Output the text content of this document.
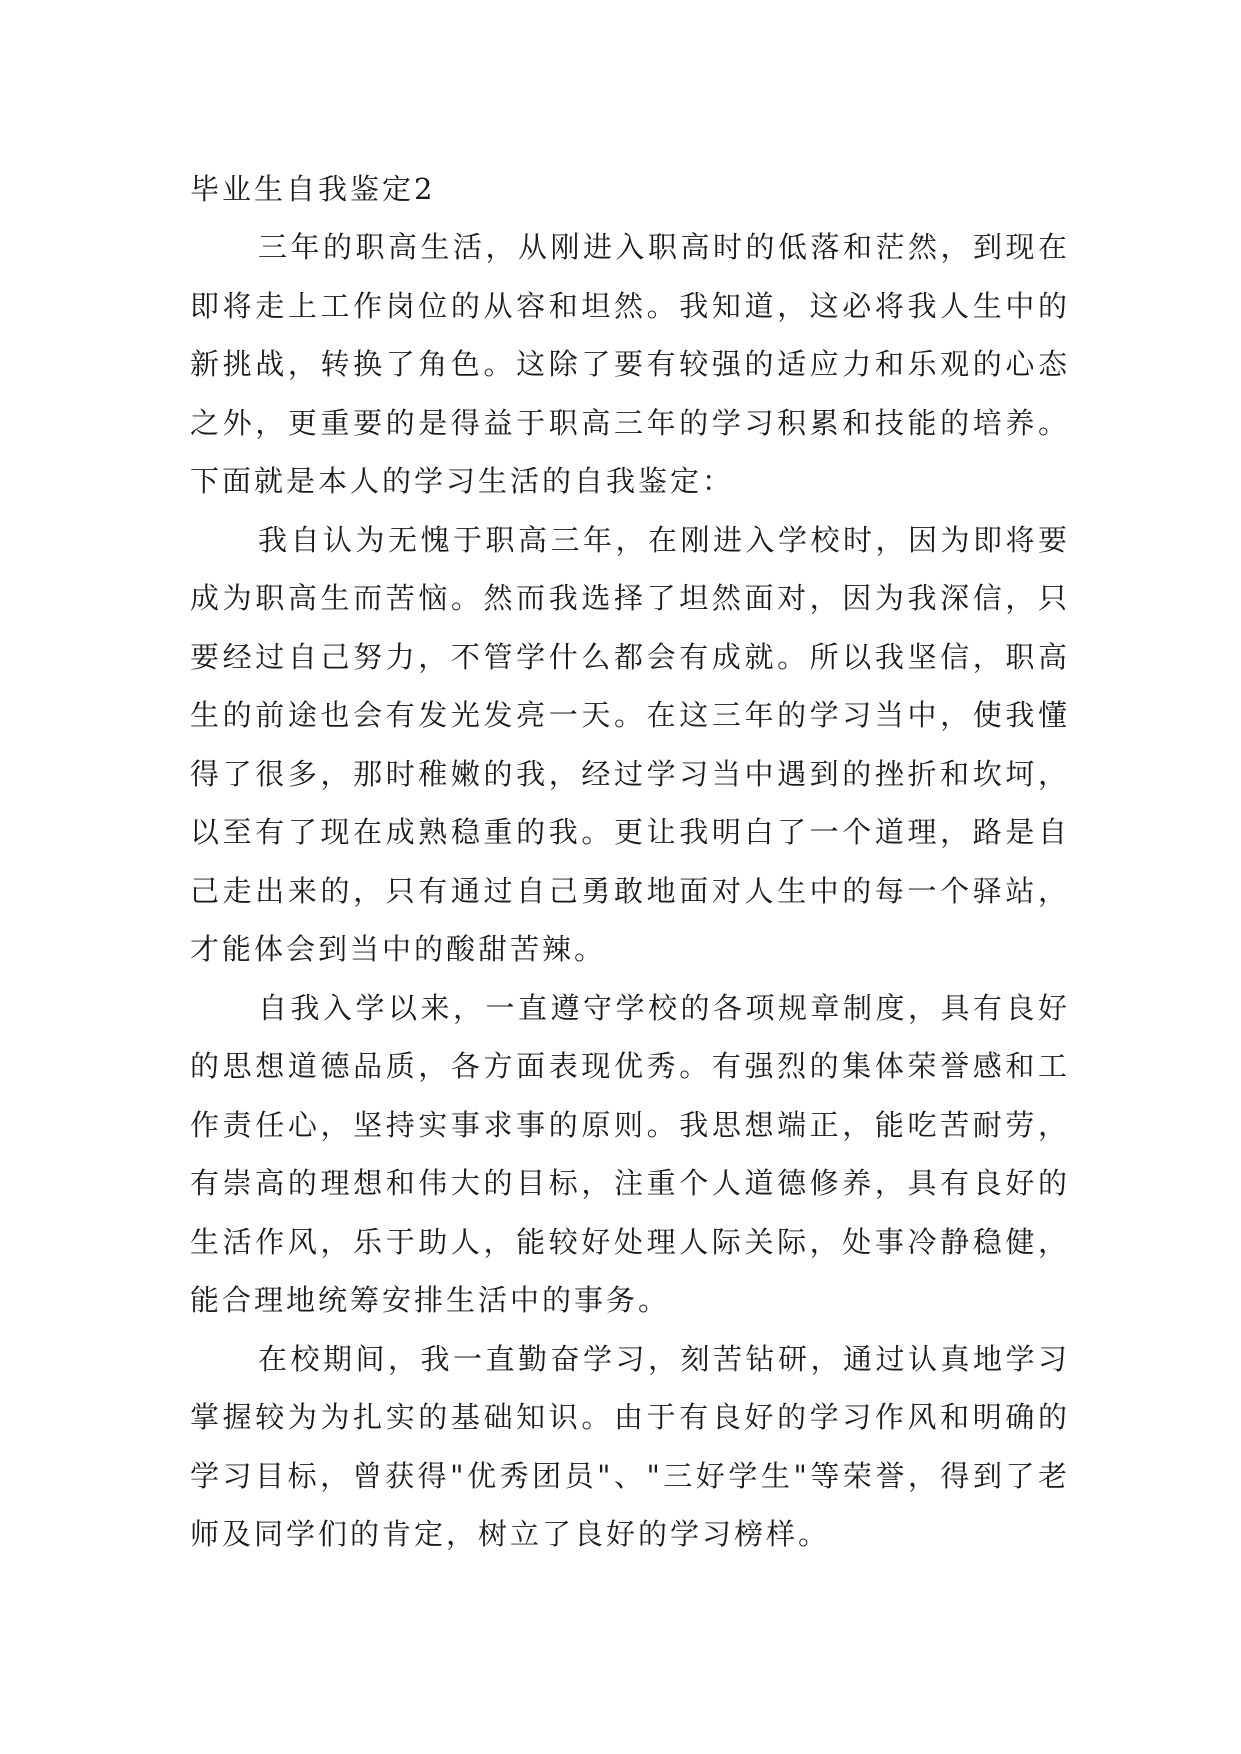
毕业生自我鉴定2

三年的职高生活，从刚进入职高时的低落和茫然，到现在即将走上工作岗位的从容和坦然。我知道，这必将我人生中的新挑战，转换了角色。这除了要有较强的适应力和乐观的心态之外，更重要的是得益于职高三年的学习积累和技能的培养。下面就是本人的学习生活的自我鉴定：

我自认为无愧于职高三年，在刚进入学校时，因为即将要成为职高生而苦恼。然而我选择了坦然面对，因为我深信，只要经过自己努力，不管学什么都会有成就。所以我坚信，职高生的前途也会有发光发亮一天。在这三年的学习当中，使我懂得了很多，那时稚嫩的我，经过学习当中遇到的挫折和坎坷，以至有了现在成熟稳重的我。更让我明白了一个道理，路是自己走出来的，只有通过自己勇敢地面对人生中的每一个驿站，才能体会到当中的酸甜苦辣。

自我入学以来，一直遵守学校的各项规章制度，具有良好的思想道德品质，各方面表现优秀。有强烈的集体荣誉感和工作责任心，坚持实事求事的原则。我思想端正，能吃苦耐劳，有崇高的理想和伟大的目标，注重个人道德修养，具有良好的生活作风，乐于助人，能较好处理人际关际，处事冷静稳健，能合理地统筹安排生活中的事务。

在校期间，我一直勤奋学习，刻苦钻研，通过认真地学习掌握较为为扎实的基础知识。由于有良好的学习作风和明确的学习目标，曾获得"优秀团员"、"三好学生"等荣誉，得到了老师及同学们的肯定，树立了良好的学习榜样。
